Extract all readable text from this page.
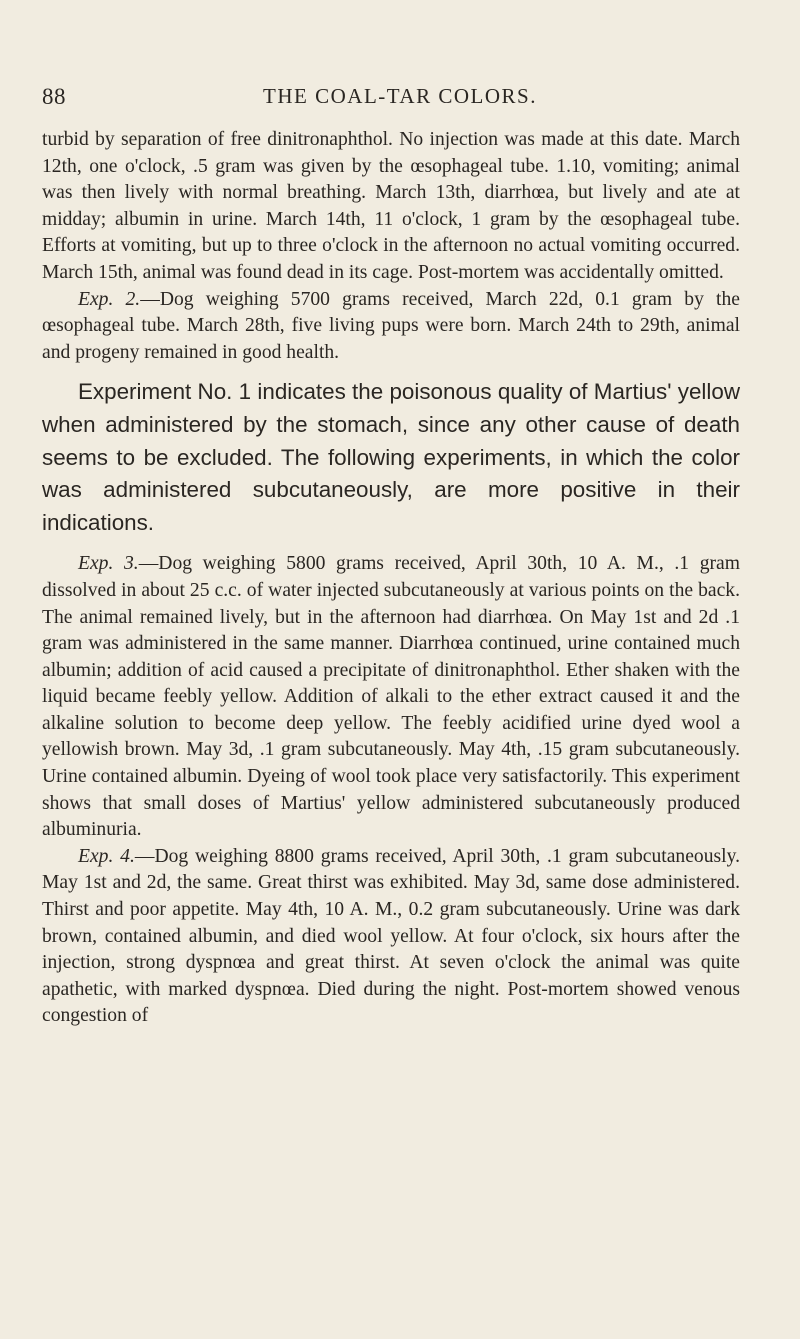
88	THE COAL-TAR COLORS.

turbid by separation of free dinitronaphthol. No injection was made at this date. March 12th, one o'clock, .5 gram was given by the œsophageal tube. 1.10, vomiting; animal was then lively with normal breathing. March 13th, diarrhœa, but lively and ate at midday; albumin in urine. March 14th, 11 o'clock, 1 gram by the œsophageal tube. Efforts at vomiting, but up to three o'clock in the afternoon no actual vomiting occurred. March 15th, animal was found dead in its cage. Post-mortem was accidentally omitted.

Exp. 2.—Dog weighing 5700 grams received, March 22d, 0.1 gram by the œsophageal tube. March 28th, five living pups were born. March 24th to 29th, animal and progeny remained in good health.

Experiment No. 1 indicates the poisonous quality of Martius' yellow when administered by the stomach, since any other cause of death seems to be excluded. The following experiments, in which the color was administered subcutaneously, are more positive in their indications.

Exp. 3.—Dog weighing 5800 grams received, April 30th, 10 A. M., .1 gram dissolved in about 25 c.c. of water injected subcutaneously at various points on the back. The animal remained lively, but in the afternoon had diarrhœa. On May 1st and 2d .1 gram was administered in the same manner. Diarrhœa continued, urine contained much albumin; addition of acid caused a precipitate of dinitronaphthol. Ether shaken with the liquid became feebly yellow. Addition of alkali to the ether extract caused it and the alkaline solution to become deep yellow. The feebly acidified urine dyed wool a yellowish brown. May 3d, .1 gram subcutaneously. May 4th, .15 gram subcutaneously. Urine contained albumin. Dyeing of wool took place very satisfactorily. This experiment shows that small doses of Martius' yellow administered subcutaneously produced albuminuria.

Exp. 4.—Dog weighing 8800 grams received, April 30th, .1 gram subcutaneously. May 1st and 2d, the same. Great thirst was exhibited. May 3d, same dose administered. Thirst and poor appetite. May 4th, 10 A. M., 0.2 gram subcutaneously. Urine was dark brown, contained albumin, and died wool yellow. At four o'clock, six hours after the injection, strong dyspnœa and great thirst. At seven o'clock the animal was quite apathetic, with marked dyspnœa. Died during the night. Post-mortem showed venous congestion of
